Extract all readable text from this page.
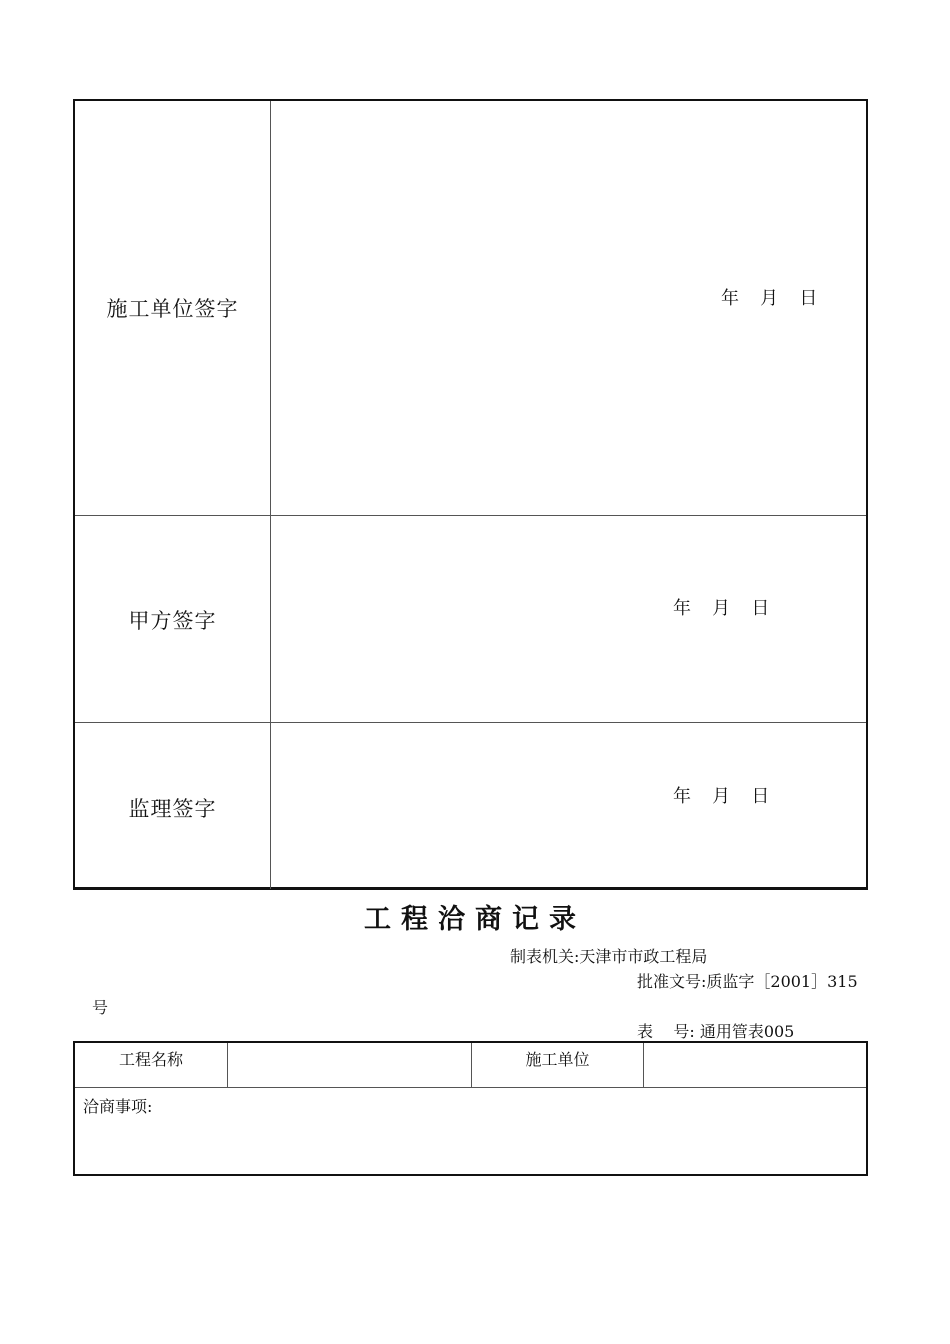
施工单位签字	年   月   日
甲方签字
年   月   日
监理签字
年   月   日
工程洽商记录
制表机关:天津市市政工程局
批准文号:质监字［2001］315
号
表    号: 通用管表005
工程名称	施工单位
洽商事项:
